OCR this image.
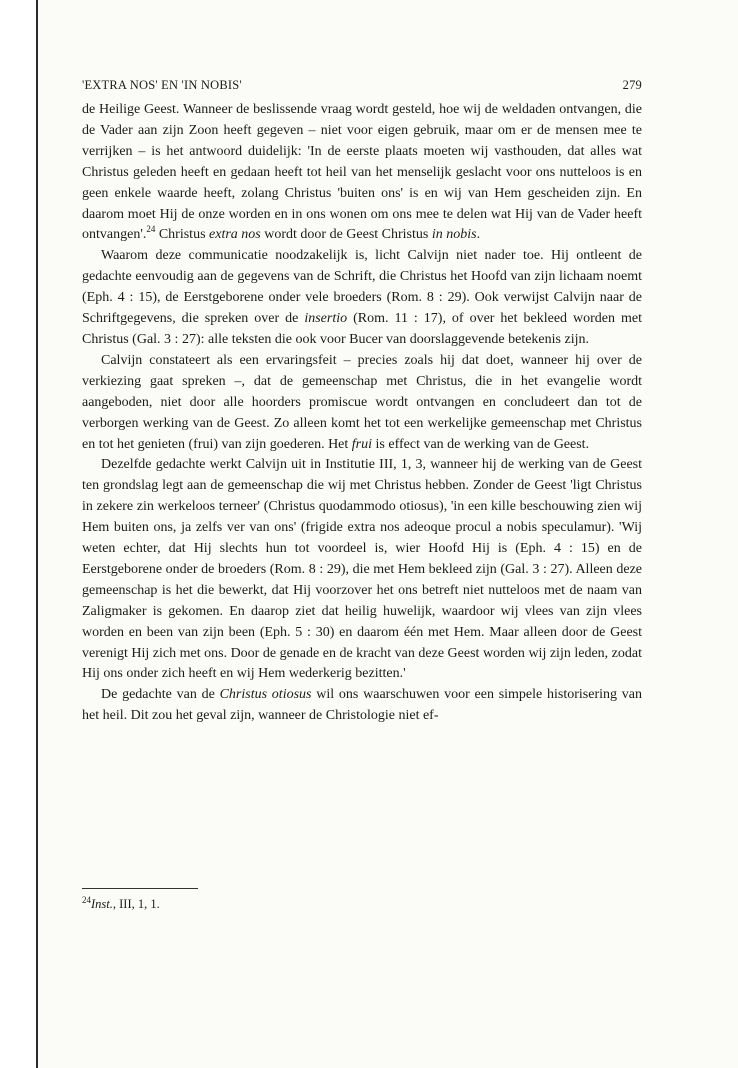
'EXTRA NOS' EN 'IN NOBIS'	279

de Heilige Geest. Wanneer de beslissende vraag wordt gesteld, hoe wij de weldaden ontvangen, die de Vader aan zijn Zoon heeft gegeven – niet voor eigen gebruik, maar om er de mensen mee te verrijken – is het antwoord duidelijk: 'In de eerste plaats moeten wij vasthouden, dat alles wat Christus geleden heeft en gedaan heeft tot heil van het menselijk geslacht voor ons nutteloos is en geen enkele waarde heeft, zolang Christus 'buiten ons' is en wij van Hem gescheiden zijn. En daarom moet Hij de onze worden en in ons wonen om ons mee te delen wat Hij van de Vader heeft ontvangen'.$^{24}$ Christus extra nos wordt door de Geest Christus in nobis.

Waarom deze communicatie noodzakelijk is, licht Calvijn niet nader toe. Hij ontleent de gedachte eenvoudig aan de gegevens van de Schrift, die Christus het Hoofd van zijn lichaam noemt (Eph. 4 : 15), de Eerstgeborene onder vele broeders (Rom. 8 : 29). Ook verwijst Calvijn naar de Schriftgegevens, die spreken over de insertio (Rom. 11 : 17), of over het bekleed worden met Christus (Gal. 3 : 27): alle teksten die ook voor Bucer van doorslaggevende betekenis zijn.

Calvijn constateert als een ervaringsfeit – precies zoals hij dat doet, wanneer hij over de verkiezing gaat spreken –, dat de gemeenschap met Christus, die in het evangelie wordt aangeboden, niet door alle hoorders promiscue wordt ontvangen en concludeert dan tot de verborgen werking van de Geest. Zo alleen komt het tot een werkelijke gemeenschap met Christus en tot het genieten (frui) van zijn goederen. Het frui is effect van de werking van de Geest.

Dezelfde gedachte werkt Calvijn uit in Institutie III, 1, 3, wanneer hij de werking van de Geest ten grondslag legt aan de gemeenschap die wij met Christus hebben. Zonder de Geest 'ligt Christus in zekere zin werkeloos terneer' (Christus quodammodo otiosus), 'in een kille beschouwing zien wij Hem buiten ons, ja zelfs ver van ons' (frigide extra nos adeoque procul a nobis speculamur). 'Wij weten echter, dat Hij slechts hun tot voordeel is, wier Hoofd Hij is (Eph. 4 : 15) en de Eerstgeborene onder de broeders (Rom. 8 : 29), die met Hem bekleed zijn (Gal. 3 : 27). Alleen deze gemeenschap is het die bewerkt, dat Hij voorzover het ons betreft niet nutteloos met de naam van Zaligmaker is gekomen. En daarop ziet dat heilig huwelijk, waardoor wij vlees van zijn vlees worden en been van zijn been (Eph. 5 : 30) en daarom één met Hem. Maar alleen door de Geest verenigt Hij zich met ons. Door de genade en de kracht van deze Geest worden wij zijn leden, zodat Hij ons onder zich heeft en wij Hem wederkerig bezitten.'

De gedachte van de Christus otiosus wil ons waarschuwen voor een simpele historisering van het heil. Dit zou het geval zijn, wanneer de Christologie niet ef-

$^{24}$Inst., III, 1, 1.
